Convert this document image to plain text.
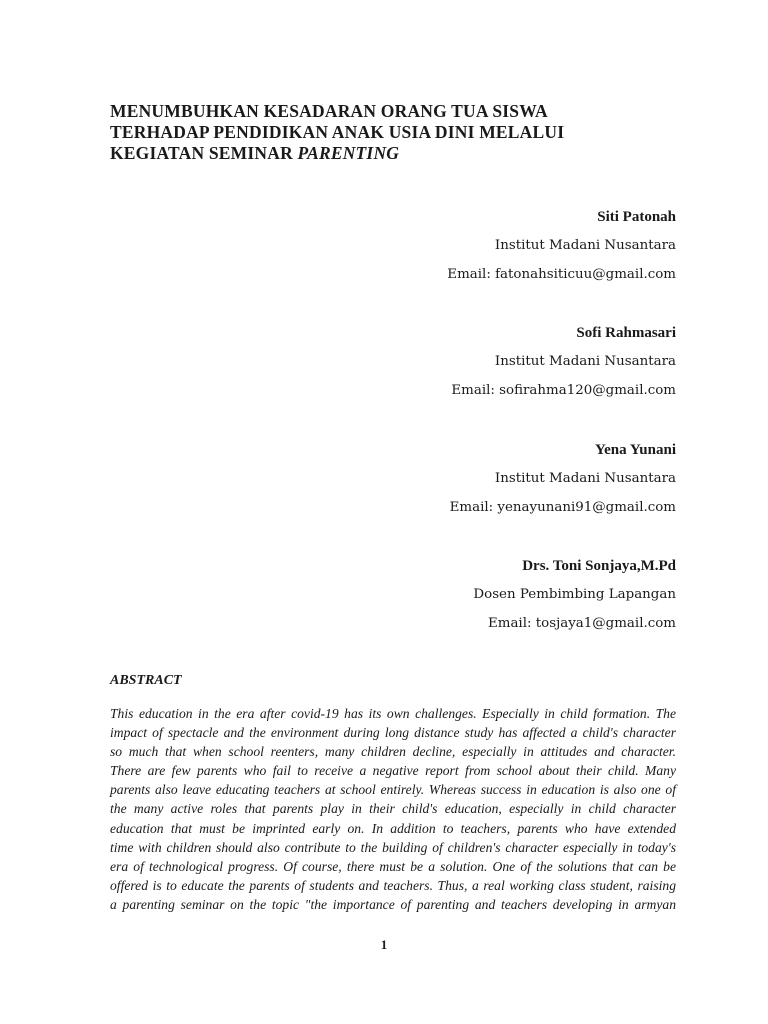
MENUMBUHKAN KESADARAN ORANG TUA SISWA
TERHADAP PENDIDIKAN ANAK USIA DINI MELALUI
KEGIATAN SEMINAR PARENTING
Siti Patonah
Institut Madani Nusantara
Email: fatonahsiticuu@gmail.com
Sofi Rahmasari
Institut Madani Nusantara
Email: sofirahma120@gmail.com
Yena Yunani
Institut Madani Nusantara
Email: yenayunani91@gmail.com
Drs. Toni Sonjaya,M.Pd
Dosen Pembimbing Lapangan
Email: tosjaya1@gmail.com
ABSTRACT
This education in the era after covid-19 has its own challenges. Especially in child formation. The
impact of spectacle and the environment during long distance study has affected a child's character
so much that when school reenters, many children decline, especially in attitudes and character.
There are few parents who fail to receive a negative report from school about their child. Many
parents also leave educating teachers at school entirely. Whereas success in education is also one of
the many active roles that parents play in their child's education, especially in child character
education that must be imprinted early on. In addition to teachers, parents who have extended
time with children should also contribute to the building of children's character especially in today's
era of technological progress. Of course, there must be a solution. One of the solutions that can be
offered is to educate the parents of students and teachers. Thus, a real working class student, raising
a parenting seminar on the topic "the importance of parenting and teachers developing in armyan
1
